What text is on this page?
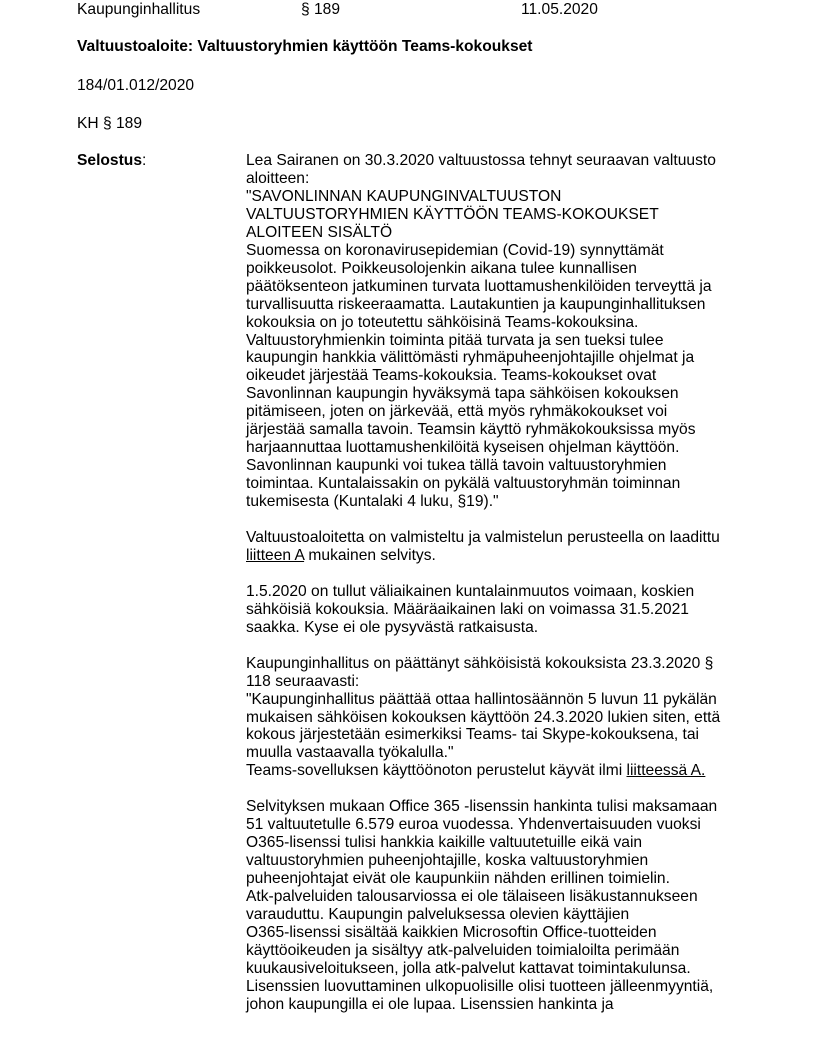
Kaupunginhallitus	§ 189	11.05.2020
Valtuustoaloite: Valtuustoryhmien käyttöön Teams-kokoukset
184/01.012/2020
KH § 189
Selostus:	Lea Sairanen on 30.3.2020 valtuustossa tehnyt seuraavan valtuusto
aloitteen:
"SAVONLINNAN KAUPUNGINVALTUUSTON
VALTUUSTORYHMIEN KÄYTTÖÖN TEAMS-KOKOUKSET
ALOITEEN SISÄLTÖ
Suomessa on koronavirusepidemian (Covid-19) synnyttämät
poikkeusolot. Poikkeusolojenkin aikana tulee kunnallisen
päätöksenteon jatkuminen turvata luottamushenkilöiden terveyttä ja
turvallisuutta riskeeraamatta. Lautakuntien ja kaupunginhallituksen
kokouksia on jo toteutettu sähköisinä Teams-kokouksina.
Valtuustoryhmienkin toiminta pitää turvata ja sen tueksi tulee
kaupungin hankkia välittömästi ryhmäpuheenjohtajille ohjelmat ja
oikeudet järjestää Teams-kokouksia. Teams-kokoukset ovat
Savonlinnan kaupungin hyväksymä tapa sähköisen kokouksen
pitämiseen, joten on järkevää, että myös ryhmäkokoukset voi
järjestää samalla tavoin. Teamsin käyttö ryhmäkokouksissa myös
harjaannuttaa luottamushenkilöitä kyseisen ohjelman käyttöön.
Savonlinnan kaupunki voi tukea tällä tavoin valtuustoryhmien
toimintaa. Kuntalaissakin on pykälä valtuustoryhmän toiminnan
tukemisesta (Kuntalaki 4 luku, §19)."

Valtuustoaloitetta on valmisteltu ja valmistelun perusteella on laadittu
liitteen A mukainen selvitys.

1.5.2020 on tullut väliaikainen kuntalainmuutos voimaan, koskien
sähköisiä kokouksia. Määräaikainen laki on voimassa 31.5.2021
saakka. Kyse ei ole pysyvästä ratkaisusta.

Kaupunginhallitus on päättänyt sähköisistä kokouksista 23.3.2020 §
118 seuraavasti:
"Kaupunginhallitus päättää ottaa hallintosäännön 5 luvun 11 pykälän
mukaisen sähköisen kokouksen käyttöön 24.3.2020 lukien siten, että
kokous järjestetään esimerkiksi Teams- tai Skype-kokouksena, tai
muulla vastaavalla työkalulla."
Teams-sovelluksen käyttöönoton perustelut käyvät ilmi liitteessä A.

Selvityksen mukaan Office 365 -lisenssin hankinta tulisi maksamaan
51 valtuutetulle 6.579 euroa vuodessa. Yhdenvertaisuuden vuoksi
O365-lisenssi tulisi hankkia kaikille valtuutetuille eikä vain
valtuustoryhmien puheenjohtajille, koska valtuustoryhmien
puheenjohtajat eivät ole kaupunkiin nähden erillinen toimielin.
Atk-palveluiden talousarviossa ei ole tälaiseen lisäkustannukseen
varauduttu. Kaupungin palveluksessa olevien käyttäjien
O365-lisenssi sisältää kaikkien Microsoftin Office-tuotteiden
käyttöoikeuden ja sisältyy atk-palveluiden toimialoilta perimään
kuukausiveloitukseen, jolla atk-palvelut kattavat toimintakulunsa.
Lisenssien luovuttaminen ulkopuolisille olisi tuotteen jälleenmyyntiä,
johon kaupungilla ei ole lupaa. Lisenssien hankinta ja
